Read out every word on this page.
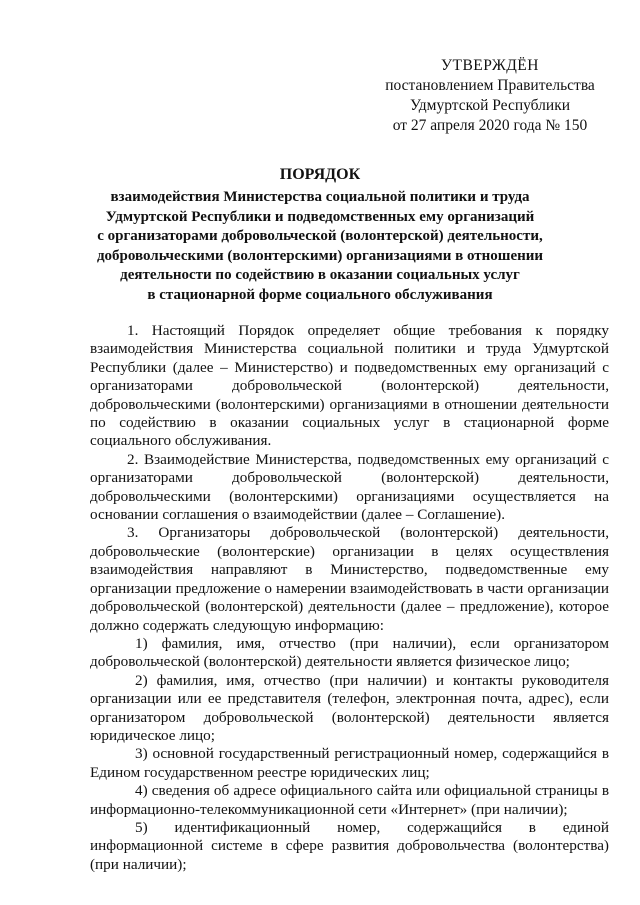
УТВЕРЖДЁН
постановлением Правительства
Удмуртской Республики
от 27 апреля 2020 года № 150
ПОРЯДОК
взаимодействия Министерства социальной политики и труда
Удмуртской Республики и подведомственных ему организаций
с организаторами добровольческой (волонтерской) деятельности,
добровольческими (волонтерскими) организациями в отношении
деятельности по содействию в оказании социальных услуг
в стационарной форме социального обслуживания

1. Настоящий Порядок определяет общие требования к порядку взаимодействия Министерства социальной политики и труда Удмуртской Республики (далее – Министерство) и подведомственных ему организаций с организаторами добровольческой (волонтерской) деятельности, добровольческими (волонтерскими) организациями в отношении деятельности по содействию в оказании социальных услуг в стационарной форме социального обслуживания.

2. Взаимодействие Министерства, подведомственных ему организаций с организаторами добровольческой (волонтерской) деятельности, добровольческими (волонтерскими) организациями осуществляется на основании соглашения о взаимодействии (далее – Соглашение).

3. Организаторы добровольческой (волонтерской) деятельности, добровольческие (волонтерские) организации в целях осуществления взаимодействия направляют в Министерство, подведомственные ему организации предложение о намерении взаимодействовать в части организации добровольческой (волонтерской) деятельности (далее – предложение), которое должно содержать следующую информацию:

1) фамилия, имя, отчество (при наличии), если организатором добровольческой (волонтерской) деятельности является физическое лицо;

2) фамилия, имя, отчество (при наличии) и контакты руководителя организации или ее представителя (телефон, электронная почта, адрес), если организатором добровольческой (волонтерской) деятельности является юридическое лицо;

3) основной государственный регистрационный номер, содержащийся в Едином государственном реестре юридических лиц;

4) сведения об адресе официального сайта или официальной страницы в информационно-телекоммуникационной сети «Интернет» (при наличии);

5) идентификационный номер, содержащийся в единой информационной системе в сфере развития добровольчества (волонтерства) (при наличии);
